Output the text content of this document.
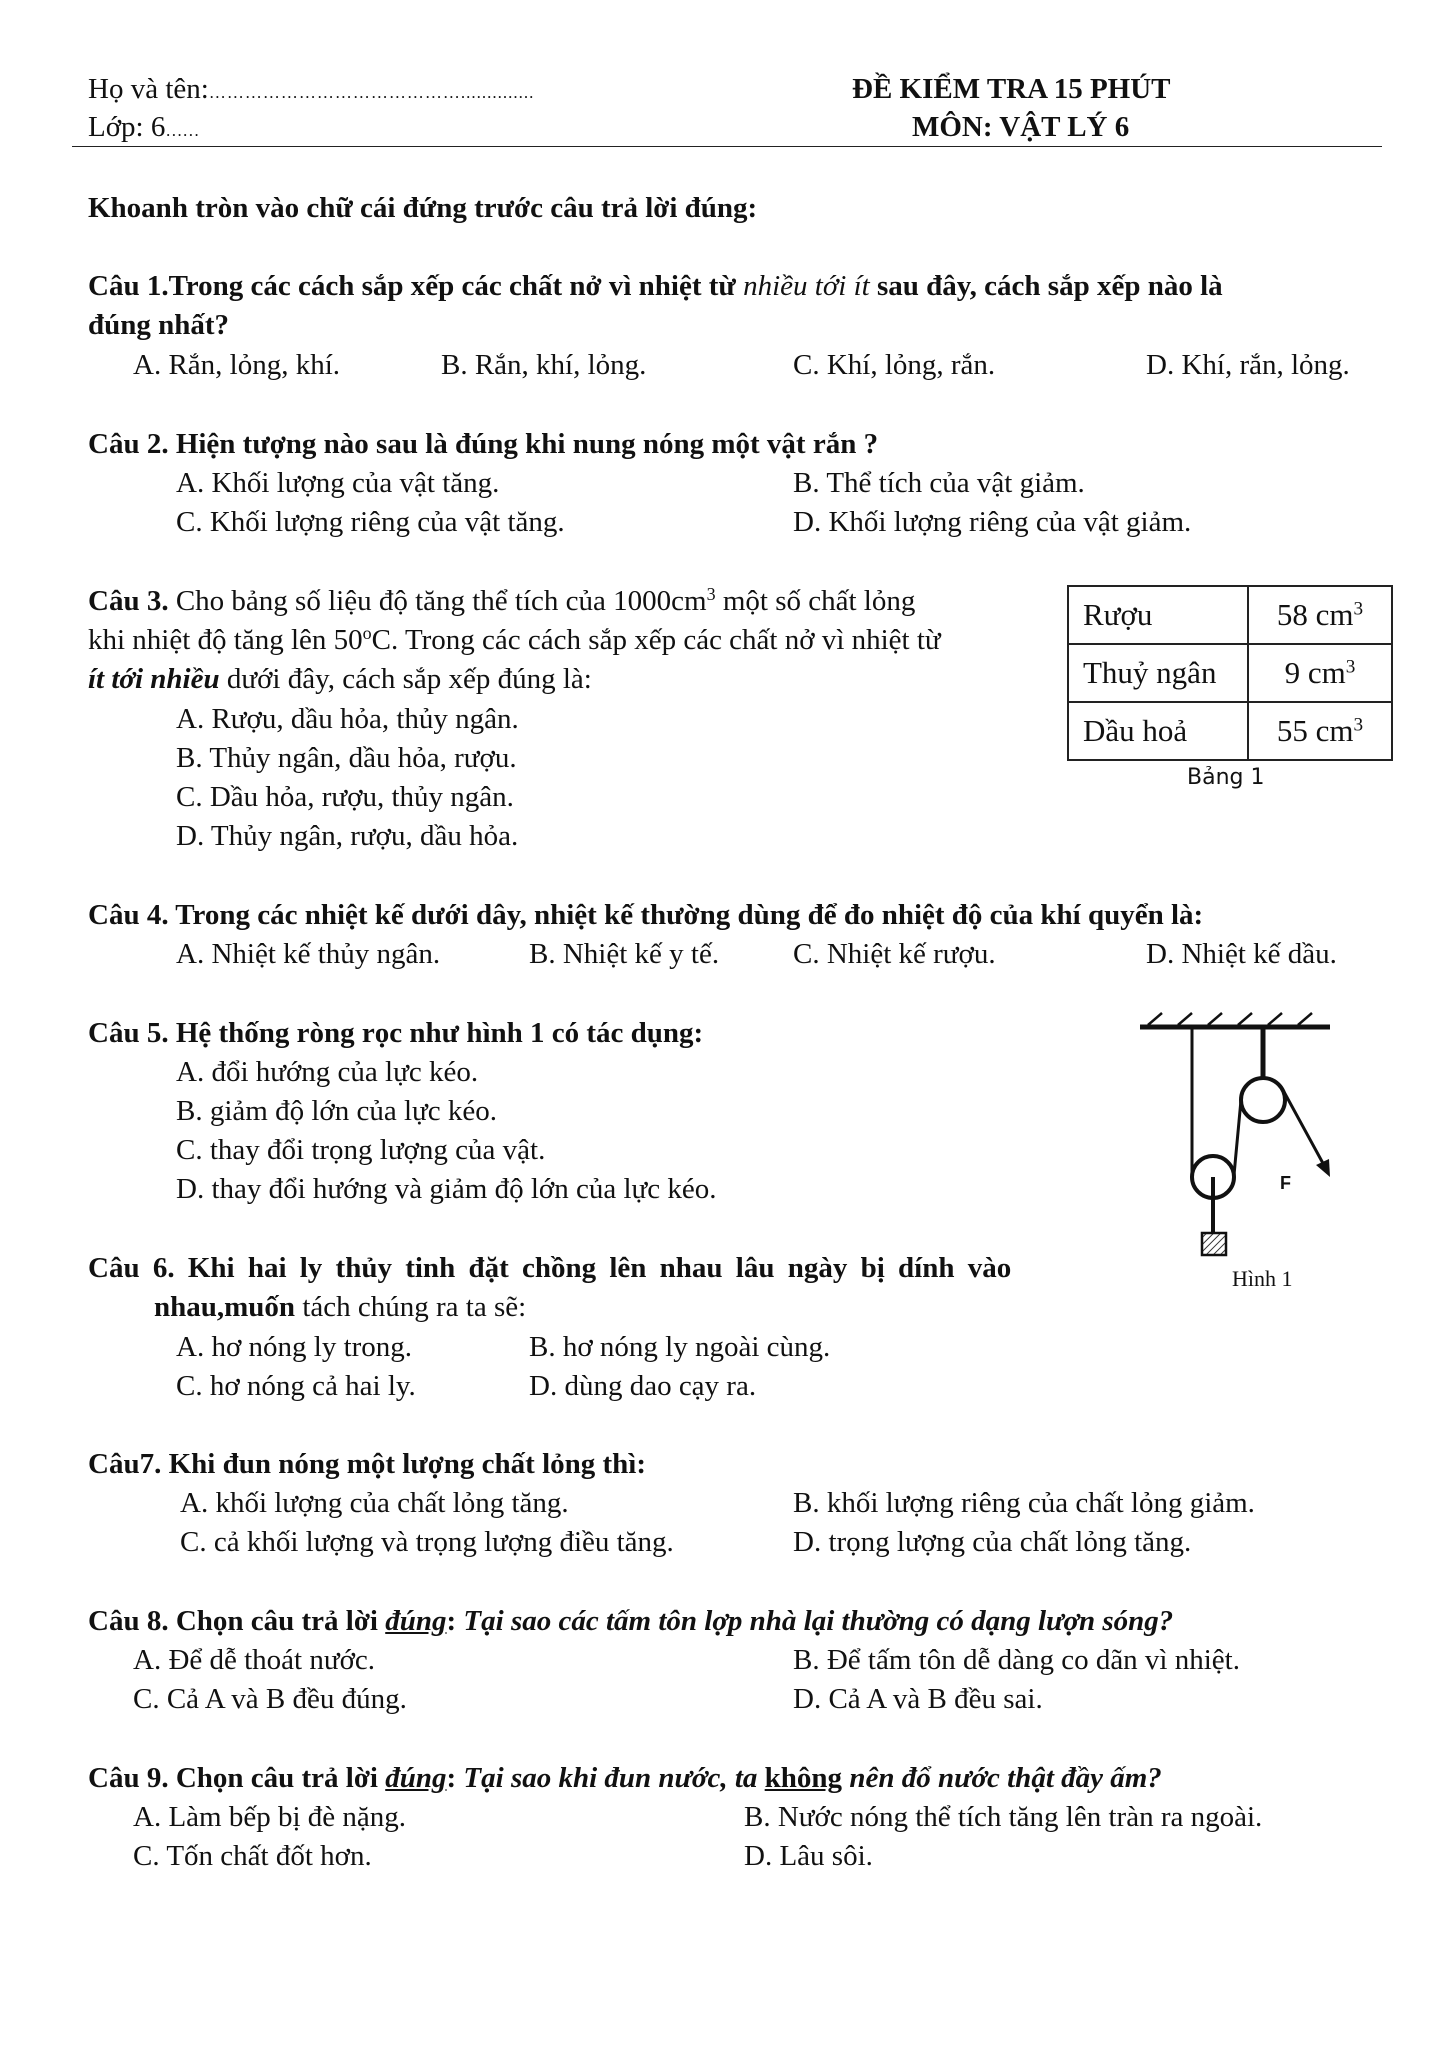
Họ và tên:……………………………………..............
Lớp: 6……
ĐỀ KIỂM TRA 15 PHÚT
MÔN: VẬT LÝ 6
Khoanh tròn vào chữ cái đứng trước câu trả lời đúng:
Câu 1.Trong các cách sắp xếp các chất nở vì nhiệt từ nhiều tới ít sau đây, cách sắp xếp nào là
đúng nhất?
A. Rắn, lỏng, khí.	B. Rắn, khí, lỏng.	C. Khí, lỏng, rắn.	D. Khí, rắn, lỏng.
Câu 2. Hiện tượng nào sau là đúng khi nung nóng một vật rắn ?
A. Khối lượng của vật tăng.	B. Thể tích của vật giảm.
C. Khối lượng riêng của vật tăng.	D. Khối lượng riêng của vật giảm.
Câu 3. Cho bảng số liệu độ tăng thể tích của $1000cm^3$ một số chất lỏng
khi nhiệt độ tăng lên 50$^o$C. Trong các cách sắp xếp các chất nở vì nhiệt từ
ít tới nhiều dưới đây, cách sắp xếp đúng là:
A. Rượu, dầu hỏa, thủy ngân.
B. Thủy ngân, dầu hỏa, rượu.
C. Dầu hỏa, rượu, thủy ngân.
D. Thủy ngân, rượu, dầu hỏa.
Rượu	58 $cm^3$
Thuỷ ngân	9 $cm^3$
Dầu hoả	55 $cm^3$
Bảng 1
Câu 4. Trong các nhiệt kế dưới dây, nhiệt kế thường dùng để đo nhiệt độ của khí quyển là:
A. Nhiệt kế thủy ngân.	B. Nhiệt kế y tế.	C. Nhiệt kế rượu.	D. Nhiệt kế dầu.
Câu 5. Hệ thống ròng rọc như hình 1 có tác dụng:
A. đổi hướng của lực kéo.
B. giảm độ lớn của lực kéo.
C. thay đổi trọng lượng của vật.
D. thay đổi hướng và giảm độ lớn của lực kéo.	F
Hình 1
Câu 6. Khi hai ly thủy tinh đặt chồng lên nhau lâu ngày bị dính vào
nhau,muốn tách chúng ra ta sẽ:
A. hơ nóng ly trong.	B. hơ nóng ly ngoài cùng.
C. hơ nóng cả hai ly.	D. dùng dao cạy ra.
Câu7. Khi đun nóng một lượng chất lỏng thì:
A. khối lượng của chất lỏng tăng.	B. khối lượng riêng của chất lỏng giảm.
C. cả khối lượng và trọng lượng điều tăng.	D. trọng lượng của chất lỏng tăng.
Câu 8. Chọn câu trả lời đúng: Tại sao các tấm tôn lợp nhà lại thường có dạng lượn sóng?
A. Để dễ thoát nước.	B. Để tấm tôn dễ dàng co dãn vì nhiệt.
C. Cả A và B đều đúng.	D. Cả A và B đều sai.
Câu 9. Chọn câu trả lời đúng: Tại sao khi đun nước, ta không nên đổ nước thật đầy ấm?
A. Làm bếp bị đè nặng.	B. Nước nóng thể tích tăng lên tràn ra ngoài.
C. Tốn chất đốt hơn.	D. Lâu sôi.
